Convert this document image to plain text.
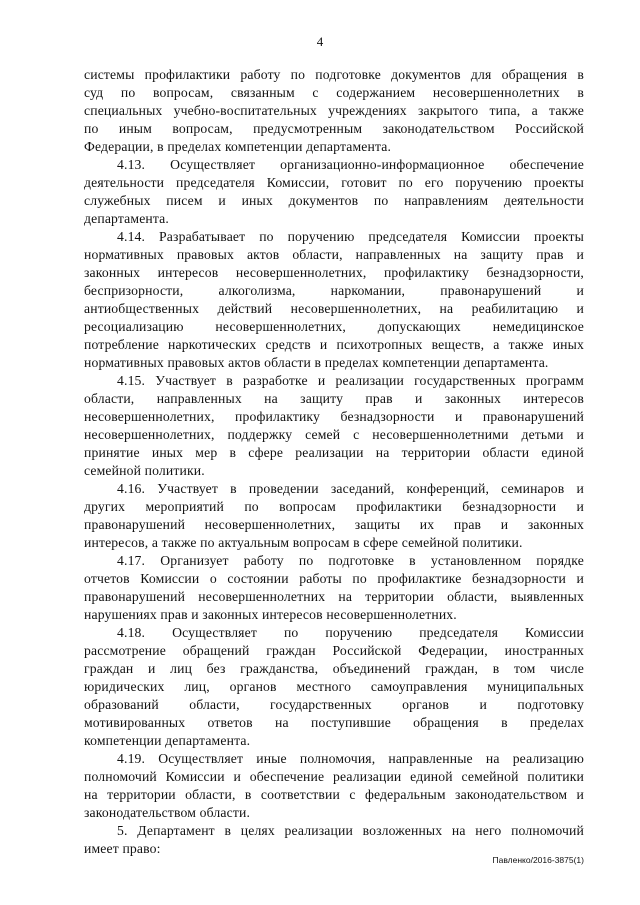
4
системы профилактики работу по подготовке документов для обращения в
суд по вопросам, связанным с содержанием несовершеннолетних в
специальных учебно-воспитательных учреждениях закрытого типа, а также
по иным вопросам, предусмотренным законодательством Российской
Федерации, в пределах компетенции департамента.
4.13. Осуществляет организационно-информационное обеспечение
деятельности председателя Комиссии, готовит по его поручению проекты
служебных писем и иных документов по направлениям деятельности
департамента.
4.14. Разрабатывает по поручению председателя Комиссии проекты
нормативных правовых актов области, направленных на защиту прав и
законных интересов несовершеннолетних, профилактику безнадзорности,
беспризорности, алкоголизма, наркомании, правонарушений и
антиобщественных действий несовершеннолетних, на реабилитацию и
ресоциализацию несовершеннолетних, допускающих немедицинское
потребление наркотических средств и психотропных веществ, а также иных
нормативных правовых актов области в пределах компетенции департамента.
4.15. Участвует в разработке и реализации государственных программ
области, направленных на защиту прав и законных интересов
несовершеннолетних, профилактику безнадзорности и правонарушений
несовершеннолетних, поддержку семей с несовершеннолетними детьми и
принятие иных мер в сфере реализации на территории области единой
семейной политики.
4.16. Участвует в проведении заседаний, конференций, семинаров и
других мероприятий по вопросам профилактики безнадзорности и
правонарушений несовершеннолетних, защиты их прав и законных
интересов, а также по актуальным вопросам в сфере семейной политики.
4.17. Организует работу по подготовке в установленном порядке
отчетов Комиссии о состоянии работы по профилактике безнадзорности и
правонарушений несовершеннолетних на территории области, выявленных
нарушениях прав и законных интересов несовершеннолетних.
4.18. Осуществляет по поручению председателя Комиссии
рассмотрение обращений граждан Российской Федерации, иностранных
граждан и лиц без гражданства, объединений граждан, в том числе
юридических лиц, органов местного самоуправления муниципальных
образований области, государственных органов и подготовку
мотивированных ответов на поступившие обращения в пределах
компетенции департамента.
4.19. Осуществляет иные полномочия, направленные на реализацию
полномочий Комиссии и обеспечение реализации единой семейной политики
на территории области, в соответствии с федеральным законодательством и
законодательством области.
5. Департамент в целях реализации возложенных на него полномочий
имеет право:
Павленко/2016-3875(1)
